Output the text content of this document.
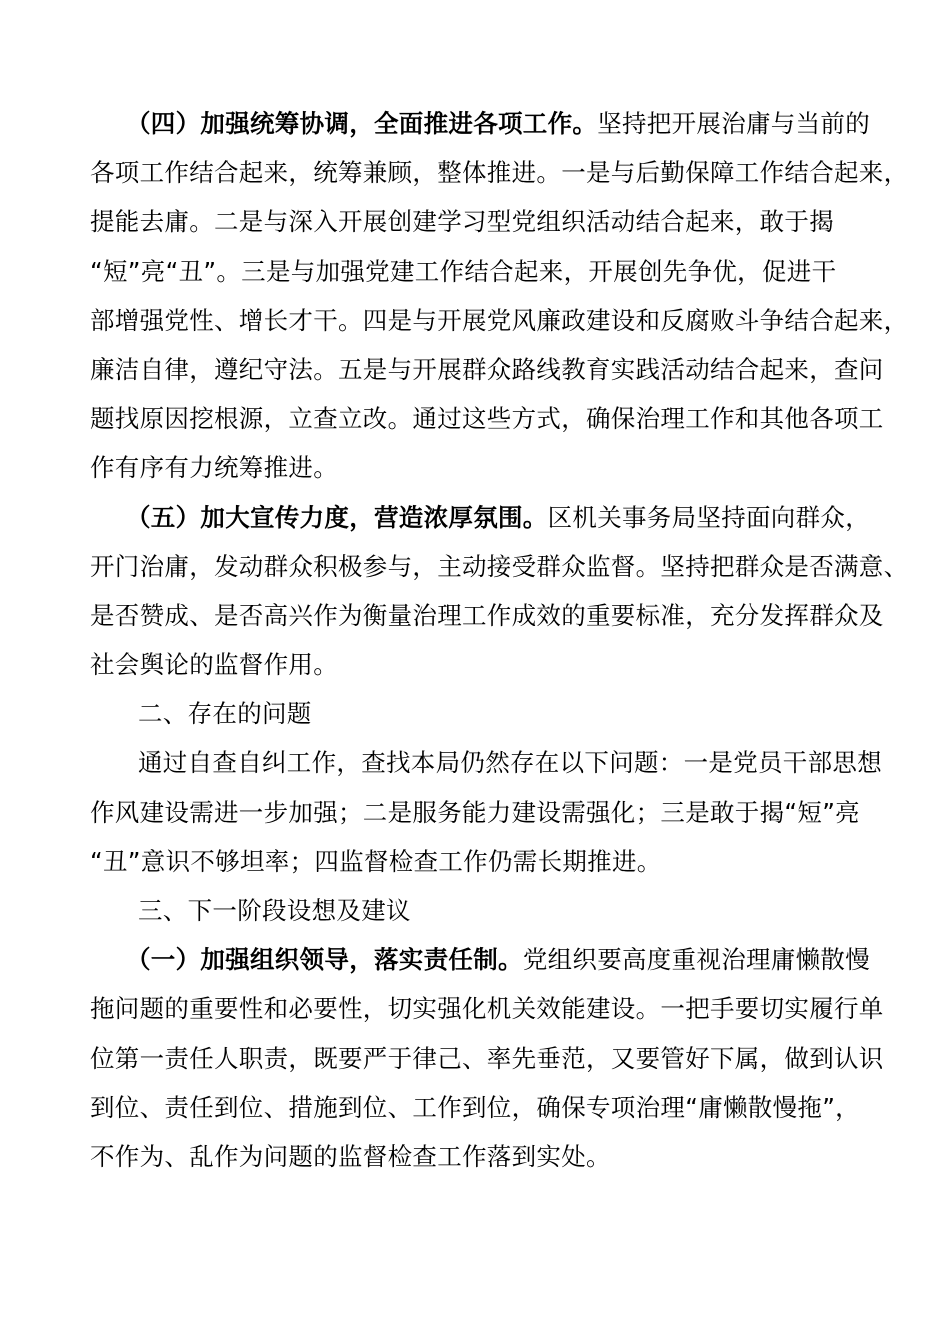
（四）加强统筹协调，全面推进各项工作。坚持把开展治庸与当前的
各项工作结合起来，统筹兼顾，整体推进。一是与后勤保障工作结合起来，
提能去庸。二是与深入开展创建学习型党组织活动结合起来，敢于揭
“短”亮“丑”。三是与加强党建工作结合起来，开展创先争优，促进干
部增强党性、增长才干。四是与开展党风廉政建设和反腐败斗争结合起来，
廉洁自律，遵纪守法。五是与开展群众路线教育实践活动结合起来，查问
题找原因挖根源，立查立改。通过这些方式，确保治理工作和其他各项工
作有序有力统筹推进。
（五）加大宣传力度，营造浓厚氛围。区机关事务局坚持面向群众，
开门治庸，发动群众积极参与，主动接受群众监督。坚持把群众是否满意、
是否赞成、是否高兴作为衡量治理工作成效的重要标准，充分发挥群众及
社会舆论的监督作用。
二、存在的问题
通过自查自纠工作，查找本局仍然存在以下问题：一是党员干部思想
作风建设需进一步加强；二是服务能力建设需强化；三是敢于揭“短”亮
“丑”意识不够坦率；四监督检查工作仍需长期推进。
三、下一阶段设想及建议
（一）加强组织领导，落实责任制。党组织要高度重视治理庸懒散慢
拖问题的重要性和必要性，切实强化机关效能建设。一把手要切实履行单
位第一责任人职责，既要严于律己、率先垂范，又要管好下属，做到认识
到位、责任到位、措施到位、工作到位，确保专项治理“庸懒散慢拖”，
不作为、乱作为问题的监督检查工作落到实处。
